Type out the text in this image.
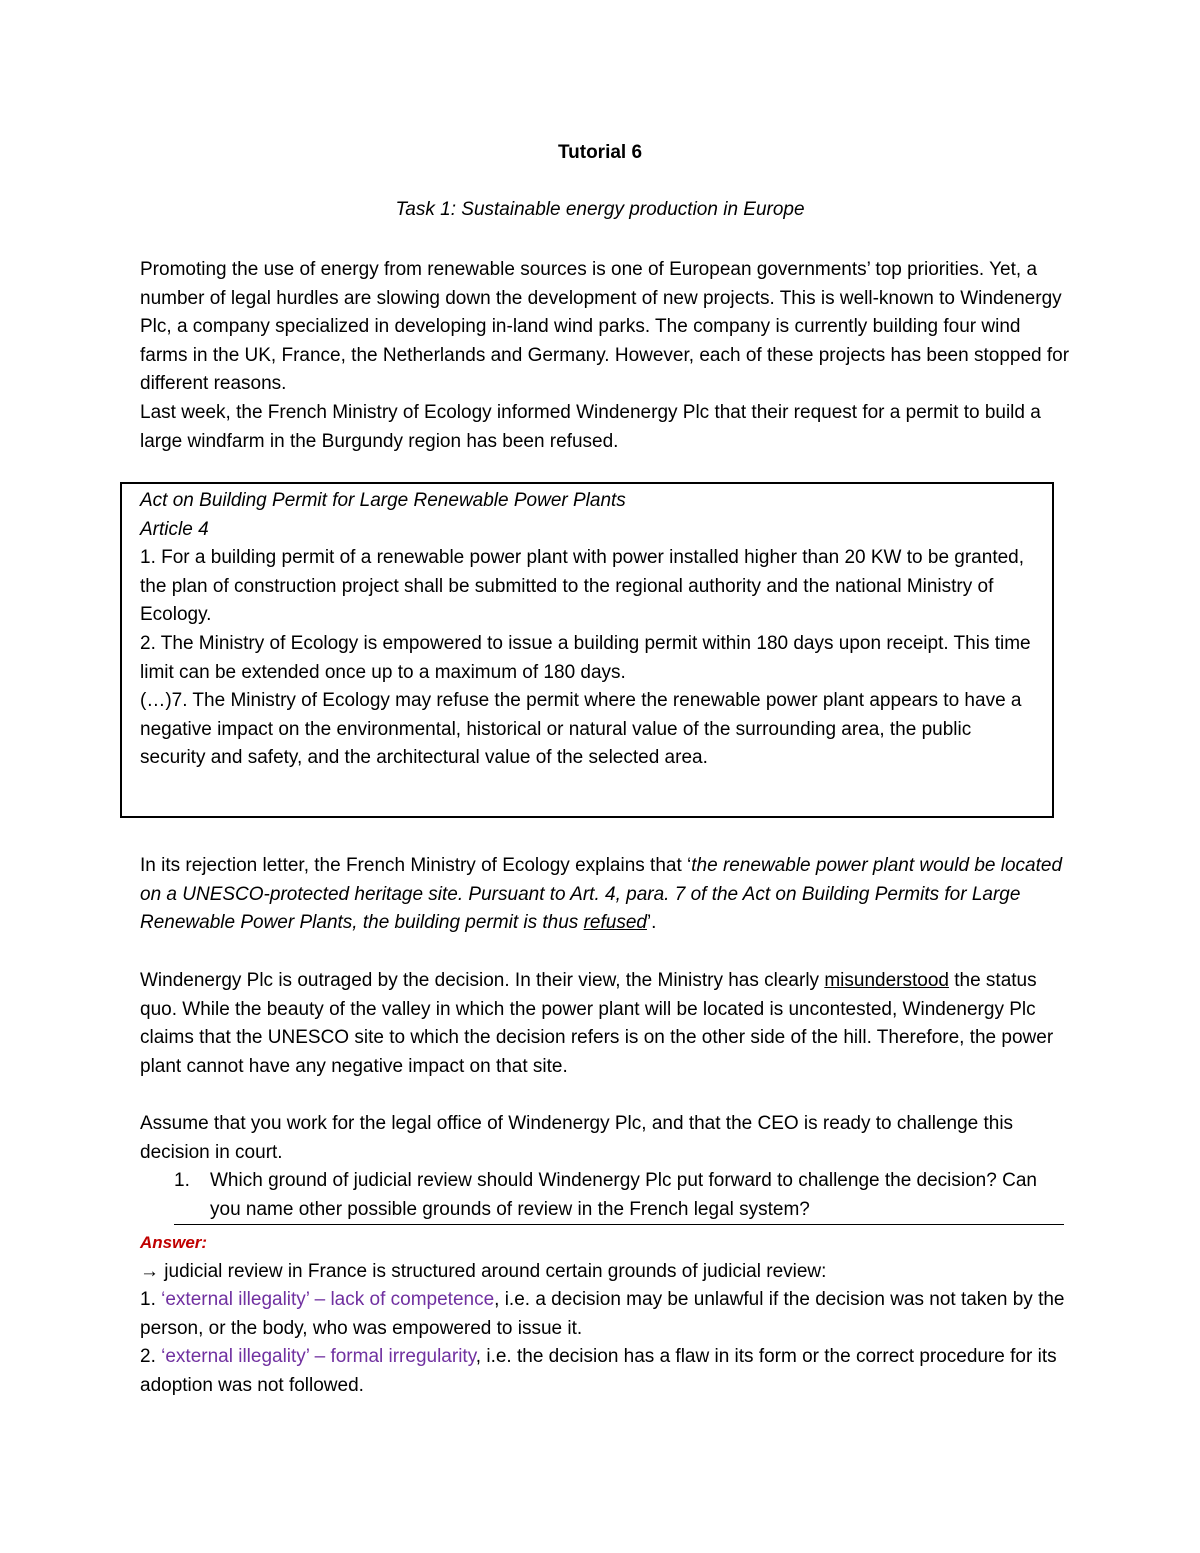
Tutorial 6
Task 1: Sustainable energy production in Europe

Promoting the use of energy from renewable sources is one of European governments’ top priorities. Yet, a number of legal hurdles are slowing down the development of new projects. This is well-known to Windenergy Plc, a company specialized in developing in-land wind parks. The company is currently building four wind farms in the UK, France, the Netherlands and Germany. However, each of these projects has been stopped for different reasons.

Last week, the French Ministry of Ecology informed Windenergy Plc that their request for a permit to build a large windfarm in the Burgundy region has been refused.

Act on Building Permit for Large Renewable Power Plants

Article 4

1. For a building permit of a renewable power plant with power installed higher than 20 KW to be granted, the plan of construction project shall be submitted to the regional authority and the national Ministry of Ecology.

2. The Ministry of Ecology is empowered to issue a building permit within 180 days upon receipt. This time limit can be extended once up to a maximum of 180 days.

(…)7. The Ministry of Ecology may refuse the permit where the renewable power plant appears to have a negative impact on the environmental, historical or natural value of the surrounding area, the public security and safety, and the architectural value of the selected area.

In its rejection letter, the French Ministry of Ecology explains that ‘the renewable power plant would be located on a UNESCO-protected heritage site. Pursuant to Art. 4, para. 7 of the Act on Building Permits for Large Renewable Power Plants, the building permit is thus refused’.

Windenergy Plc is outraged by the decision. In their view, the Ministry has clearly misunderstood the status quo. While the beauty of the valley in which the power plant will be located is uncontested, Windenergy Plc claims that the UNESCO site to which the decision refers is on the other side of the hill. Therefore, the power plant cannot have any negative impact on that site.

Assume that you work for the legal office of Windenergy Plc, and that the CEO is ready to challenge this decision in court.

1. Which ground of judicial review should Windenergy Plc put forward to challenge the decision? Can you name other possible grounds of review in the French legal system?

Answer:

→ judicial review in France is structured around certain grounds of judicial review:

1. ‘external illegality’ – lack of competence, i.e. a decision may be unlawful if the decision was not taken by the person, or the body, who was empowered to issue it.

2. ‘external illegality’ – formal irregularity, i.e. the decision has a flaw in its form or the correct procedure for its adoption was not followed.
